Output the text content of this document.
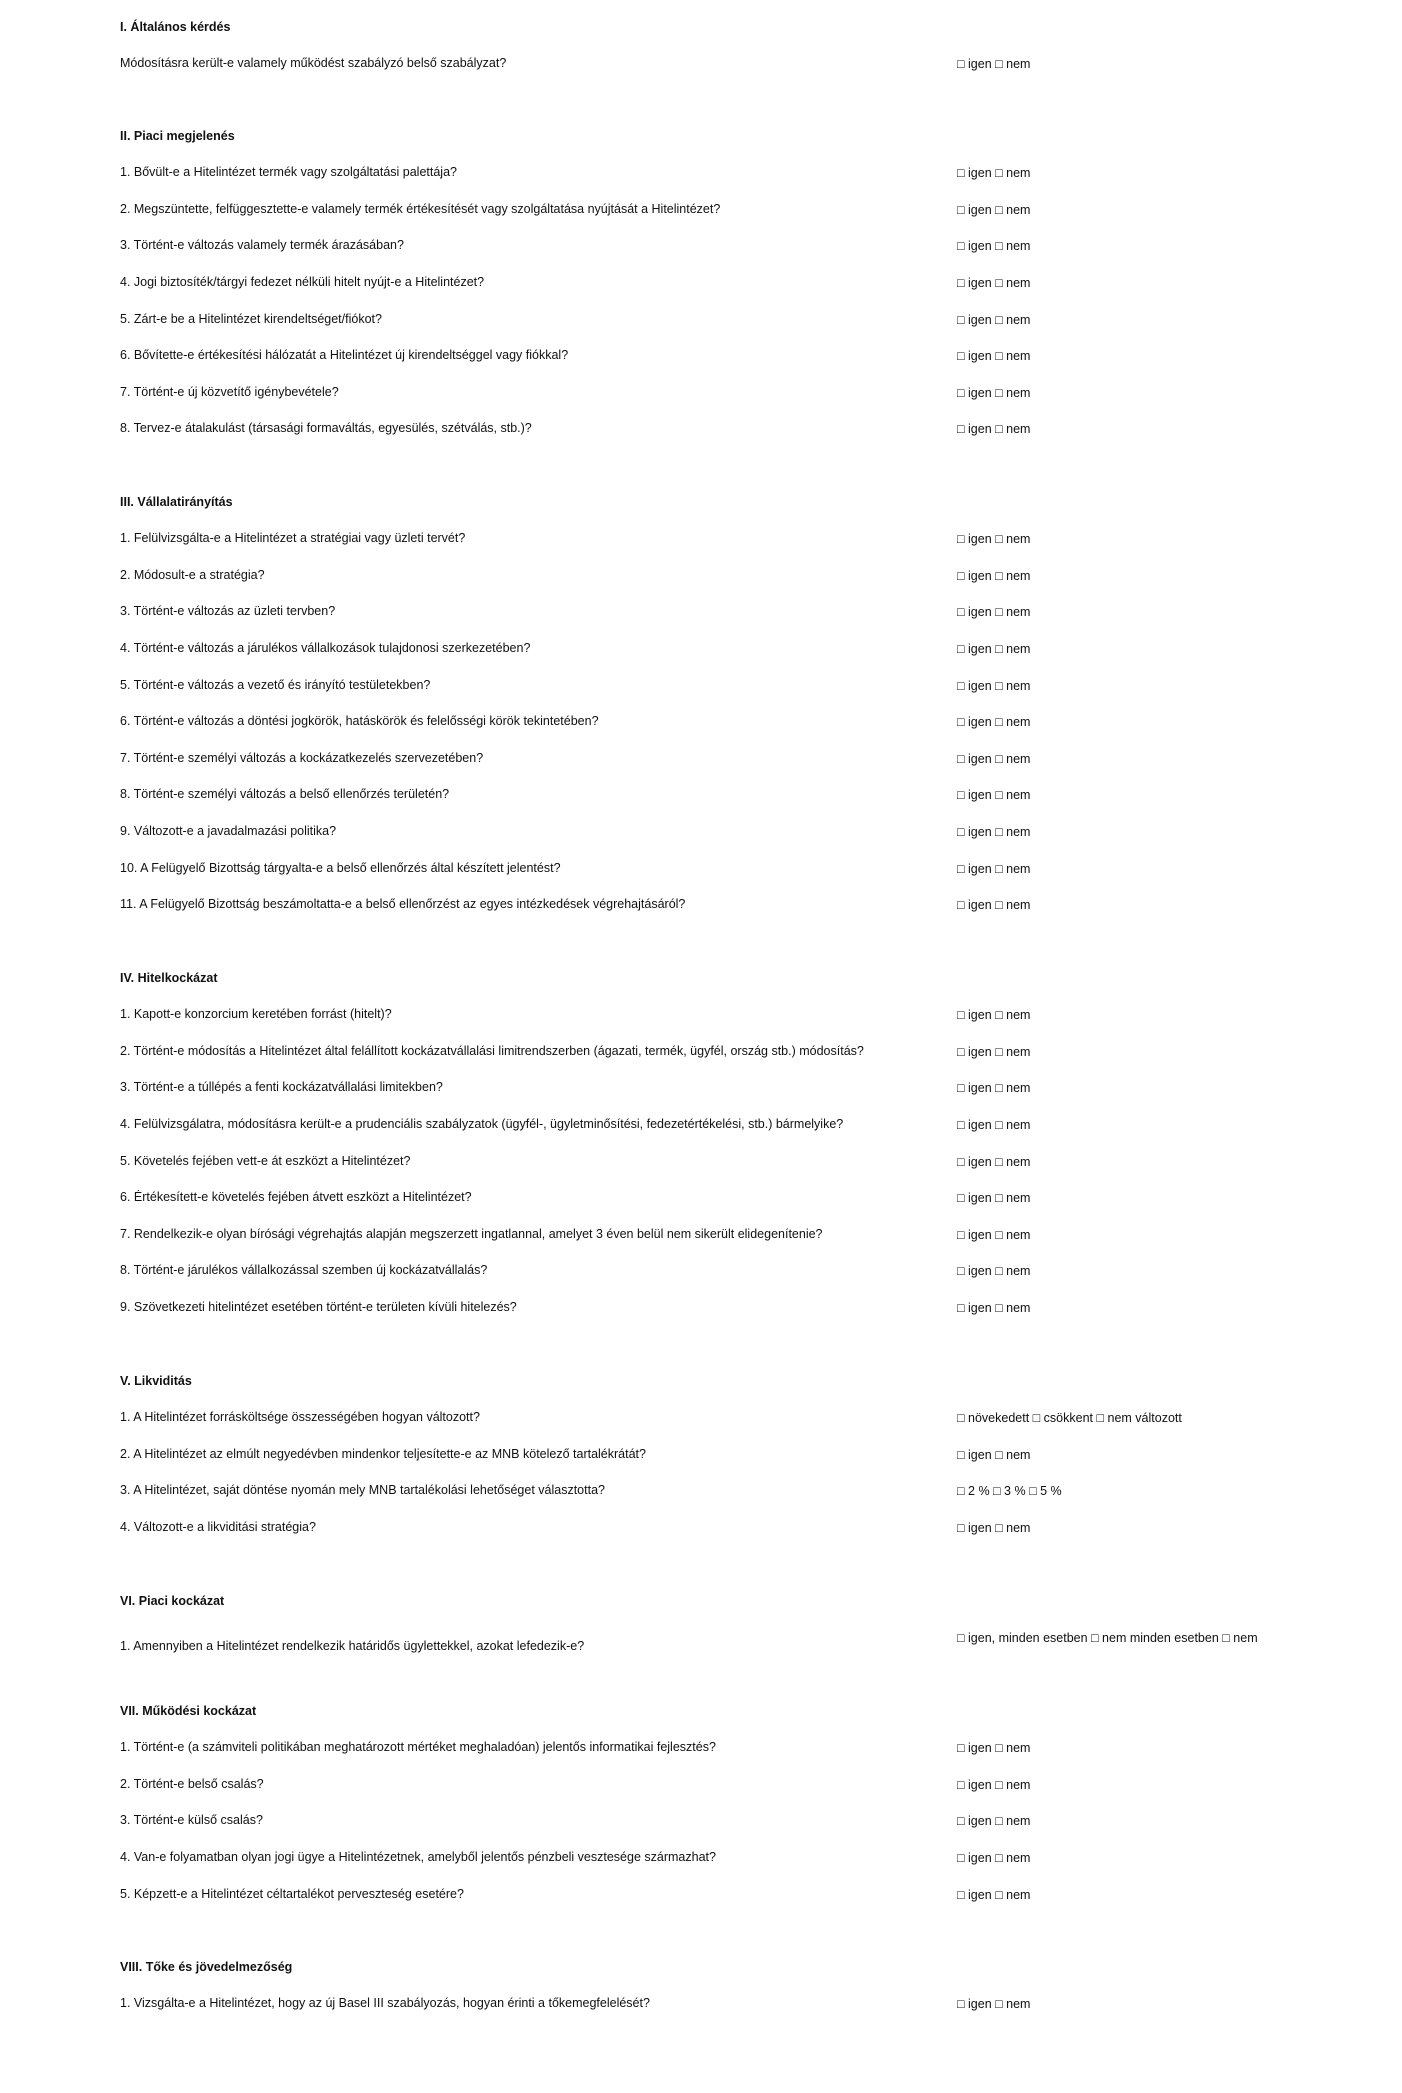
I. Általános kérdés
Módosításra került-e valamely működést szabályzó belső szabályzat?	□ igen □ nem
II. Piaci megjelenés
1. Bővült-e a Hitelintézet termék vagy szolgáltatási palettája?	□ igen □ nem
2. Megszüntette, felfüggesztette-e valamely termék értékesítését vagy szolgáltatása nyújtását a Hitelintézet?	□ igen □ nem
3. Történt-e változás valamely termék árazásában?	□ igen □ nem
4. Jogi biztosíték/tárgyi fedezet nélküli hitelt nyújt-e a Hitelintézet?	□ igen □ nem
5. Zárt-e be a Hitelintézet kirendeltséget/fiókot?	□ igen □ nem
6. Bővítette-e értékesítési hálózatát a Hitelintézet új kirendeltséggel vagy fiókkal?	□ igen □ nem
7. Történt-e új közvetítő igénybevétele?	□ igen □ nem
8. Tervez-e átalakulást (társasági formaváltás, egyesülés, szétválás, stb.)?	□ igen □ nem
III. Vállalatirányítás
1. Felülvizsgálta-e a Hitelintézet a stratégiai vagy üzleti tervét?	□ igen □ nem
2. Módosult-e a stratégia?	□ igen □ nem
3. Történt-e változás az üzleti tervben?	□ igen □ nem
4. Történt-e változás a járulékos vállalkozások tulajdonosi szerkezetében?	□ igen □ nem
5. Történt-e változás a vezető és irányító testületekben?	□ igen □ nem
6. Történt-e változás a döntési jogkörök, hatáskörök és felelősségi körök tekintetében?	□ igen □ nem
7. Történt-e személyi változás a kockázatkezelés szervezetében?	□ igen □ nem
8. Történt-e személyi változás a belső ellenőrzés területén?	□ igen □ nem
9. Változott-e a javadalmazási politika?	□ igen □ nem
10. A Felügyelő Bizottság tárgyalta-e a belső ellenőrzés által készített jelentést?	□ igen □ nem
11. A Felügyelő Bizottság beszámoltatta-e a belső ellenőrzést az egyes intézkedések végrehajtásáról?	□ igen □ nem
IV. Hitelkockázat
1. Kapott-e konzorcium keretében forrást (hitelt)?	□ igen □ nem
2. Történt-e módosítás a Hitelintézet által felállított kockázatvállalási limitrendszerben (ágazati, termék, ügyfél, ország stb.) módosítás?	□ igen □ nem
3. Történt-e a túllépés a fenti kockázatvállalási limitekben?	□ igen □ nem
4. Felülvizsgálatra, módosításra került-e a prudenciális szabályzatok (ügyfél-, ügyletminősítési, fedezetértékelési, stb.) bármelyike?	□ igen □ nem
5. Követelés fejében vett-e át eszközt a Hitelintézet?	□ igen □ nem
6. Értékesített-e követelés fejében átvett eszközt a Hitelintézet?	□ igen □ nem
7. Rendelkezik-e olyan bírósági végrehajtás alapján megszerzett ingatlannal, amelyet 3 éven belül nem sikerült elidegenítenie?	□ igen □ nem
8. Történt-e járulékos vállalkozással szemben új kockázatvállalás?	□ igen □ nem
9. Szövetkezeti hitelintézet esetében történt-e területen kívüli hitelezés?	□ igen □ nem
V. Likviditás
1. A Hitelintézet forrásköltsége összességében hogyan változott?	□ növekedett □ csökkent □ nem változott
2. A Hitelintézet az elmúlt negyedévben mindenkor teljesítette-e az MNB kötelező tartalékrátát?	□ igen □ nem
3. A Hitelintézet, saját döntése nyomán mely MNB tartalékolási lehetőséget választotta?	□ 2 % □ 3 % □ 5 %
4. Változott-e a likviditási stratégia?	□ igen □ nem
VI. Piaci kockázat
1. Amennyiben a Hitelintézet rendelkezik határidős ügylettekkel, azokat lefedezik-e?
□ igen, minden esetben □ nem minden esetben □ nem
VII. Működési kockázat
1. Történt-e (a számviteli politikában meghatározott mértéket meghaladóan) jelentős informatikai fejlesztés?	□ igen □ nem
2. Történt-e belső csalás?	□ igen □ nem
3. Történt-e külső csalás?	□ igen □ nem
4. Van-e folyamatban olyan jogi ügye a Hitelintézetnek, amelyből jelentős pénzbeli vesztesége származhat?	□ igen □ nem
5. Képzett-e a Hitelintézet céltartalékot perveszteség esetére?	□ igen □ nem
VIII. Tőke és jövedelmezőség
1. Vizsgálta-e a Hitelintézet, hogy az új Basel III szabályozás, hogyan érinti a tőkemegfelelését?	□ igen □ nem
